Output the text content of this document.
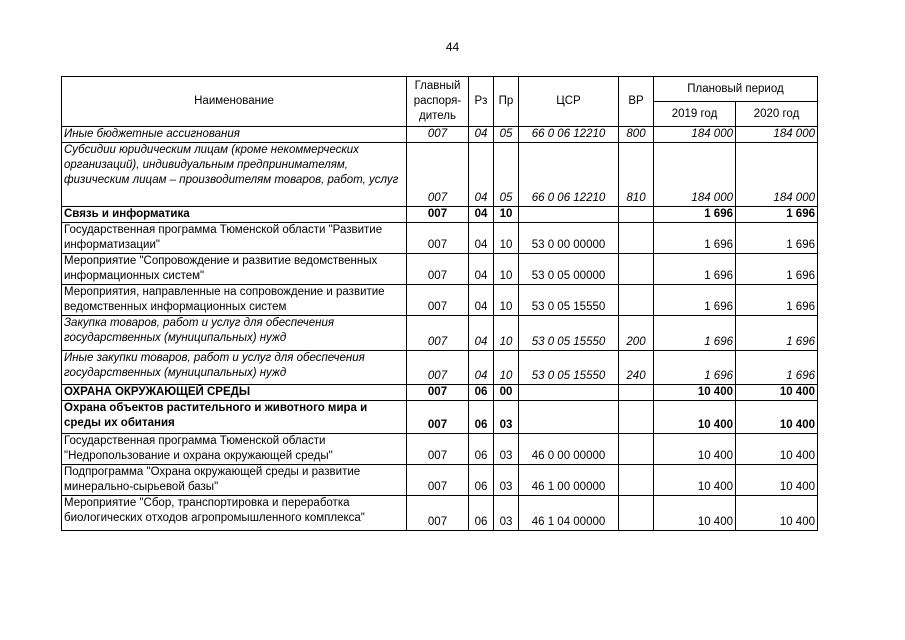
44
Наименование	Главный распоря-дитель	Рз	Пр	ЦСР	ВР	Плановый период	
						2019 год	2020 год
Иные бюджетные ассигнования	007	04	05	66 0 06 12210	800	184 000	184 000
Субсидии юридическим лицам (кроме некоммерческих организаций), индивидуальным предпринимателям, физическим лицам – производителям товаров, работ, услуг	007	04	05	66 0 06 12210	810	184 000	184 000
Связь и информатика	007	04	10			1 696	1 696
Государственная программа Тюменской области "Развитие информатизации"	007	04	10	53 0 00 00000		1 696	1 696
Мероприятие "Сопровождение и развитие ведомственных информационных систем"	007	04	10	53 0 05 00000		1 696	1 696
Мероприятия, направленные на сопровождение и развитие ведомственных информационных систем	007	04	10	53 0 05 15550		1 696	1 696
Закупка товаров, работ и услуг для обеспечения государственных (муниципальных) нужд	007	04	10	53 0 05 15550	200	1 696	1 696
Иные закупки товаров, работ и услуг для обеспечения государственных (муниципальных) нужд	007	04	10	53 0 05 15550	240	1 696	1 696
ОХРАНА ОКРУЖАЮЩЕЙ СРЕДЫ	007	06	00			10 400	10 400
Охрана объектов растительного и животного мира и среды их обитания	007	06	03			10 400	10 400
Государственная программа Тюменской области "Недропользование и охрана окружающей среды"	007	06	03	46 0 00 00000		10 400	10 400
Подпрограмма "Охрана окружающей среды и развитие минерально-сырьевой базы"	007	06	03	46 1 00 00000		10 400	10 400
Мероприятие "Сбор, транспортировка и переработка биологических отходов агропромышленного комплекса"	007	06	03	46 1 04 00000		10 400	10 400
